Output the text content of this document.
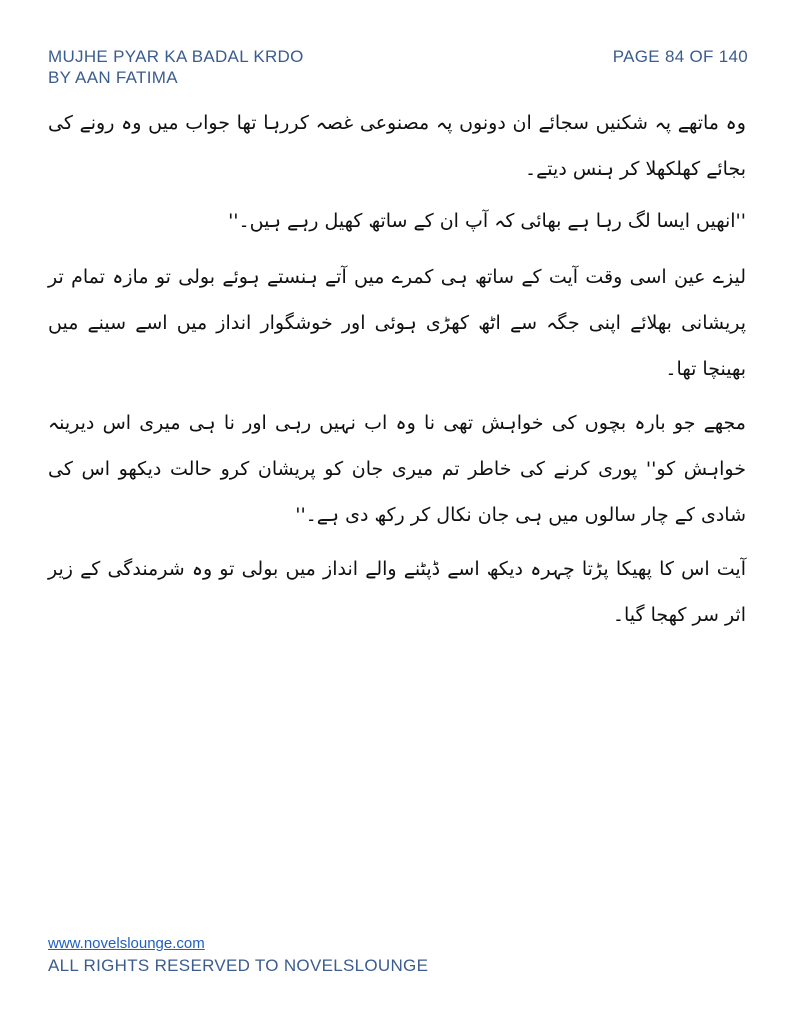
MUJHE PYAR KA BADAL KRDO	PAGE 84 OF 140
BY AAN FATIMA

وہ ماتھے پہ شکنیں سجائے ان دونوں پہ مصنوعی غصہ کررہا تھا جواب میں وہ رونے کی بجائے کھلکھلا کر ہنس دیتے۔

''انھیں ایسا لگ رہا ہے بھائی کہ آپ ان کے ساتھ کھیل رہے ہیں۔''

لیزے عین اسی وقت آیت کے ساتھ ہی کمرے میں آتے ہنستے ہوئے بولی تو مازہ تمام تر پریشانی بھلائے اپنی جگہ سے اٹھ کھڑی ہوئی اور خوشگوار انداز میں اسے سینے میں بھینچا تھا۔

مجھے جو بارہ بچوں کی خواہش تھی نا وہ اب نہیں رہی اور نا ہی میری اس دیرینہ خواہش کو'' پوری کرنے کی خاطر تم میری جان کو پریشان کرو حالت دیکھو اس کی شادی کے چار سالوں میں ہی جان نکال کر رکھ دی ہے۔''

آیت اس کا پھیکا پڑتا چہرہ دیکھ اسے ڈپٹنے والے انداز میں بولی تو وہ شرمندگی کے زیر اثر سر کھجا گیا۔

www.novelslounge.com
ALL RIGHTS RESERVED TO NOVELSLOUNGE
